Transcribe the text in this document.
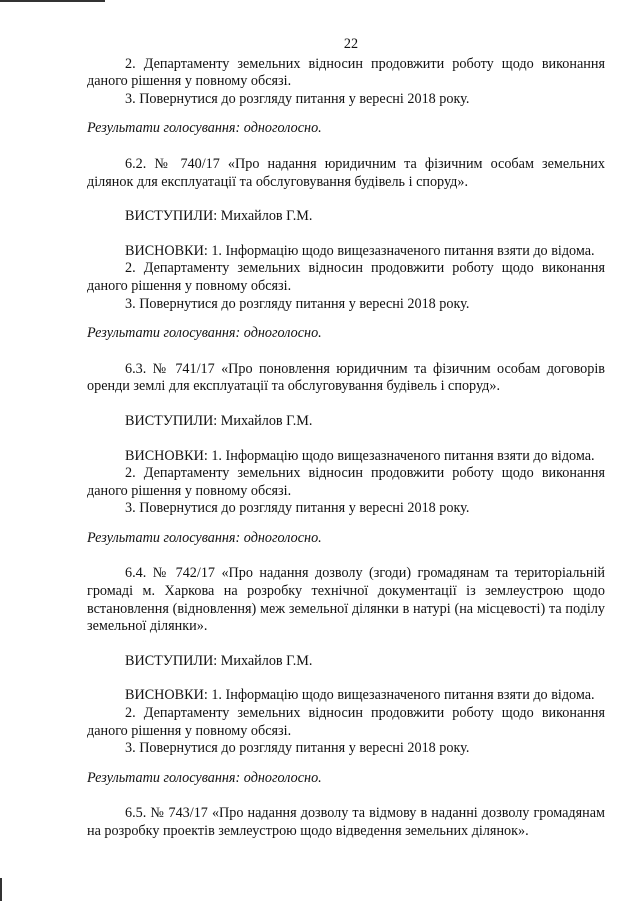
22

2. Департаменту земельних відносин продовжити роботу щодо виконання даного рішення у повному обсязі.

3. Повернутися до розгляду питання у вересні 2018 року.

Результати голосування: одноголосно.

6.2. № 740/17 «Про надання юридичним та фізичним особам земельних ділянок для експлуатації та обслуговування будівель і споруд».

ВИСТУПИЛИ: Михайлов Г.М.

ВИСНОВКИ: 1. Інформацію щодо вищезазначеного питання взяти до відома.

2. Департаменту земельних відносин продовжити роботу щодо виконання даного рішення у повному обсязі.

3. Повернутися до розгляду питання у вересні 2018 року.

Результати голосування: одноголосно.

6.3. № 741/17 «Про поновлення юридичним та фізичним особам договорів оренди землі для експлуатації та обслуговування будівель і споруд».

ВИСТУПИЛИ: Михайлов Г.М.

ВИСНОВКИ: 1. Інформацію щодо вищезазначеного питання взяти до відома.

2. Департаменту земельних відносин продовжити роботу щодо виконання даного рішення у повному обсязі.

3. Повернутися до розгляду питання у вересні 2018 року.

Результати голосування: одноголосно.

6.4. № 742/17 «Про надання дозволу (згоди) громадянам та територіальній громаді м. Харкова на розробку технічної документації із землеустрою щодо встановлення (відновлення) меж земельної ділянки в натурі (на місцевості) та поділу земельної ділянки».

ВИСТУПИЛИ: Михайлов Г.М.

ВИСНОВКИ: 1. Інформацію щодо вищезазначеного питання взяти до відома.

2. Департаменту земельних відносин продовжити роботу щодо виконання даного рішення у повному обсязі.

3. Повернутися до розгляду питання у вересні 2018 року.

Результати голосування: одноголосно.

6.5. № 743/17 «Про надання дозволу та відмову в наданні дозволу громадянам на розробку проектів землеустрою щодо відведення земельних ділянок».
